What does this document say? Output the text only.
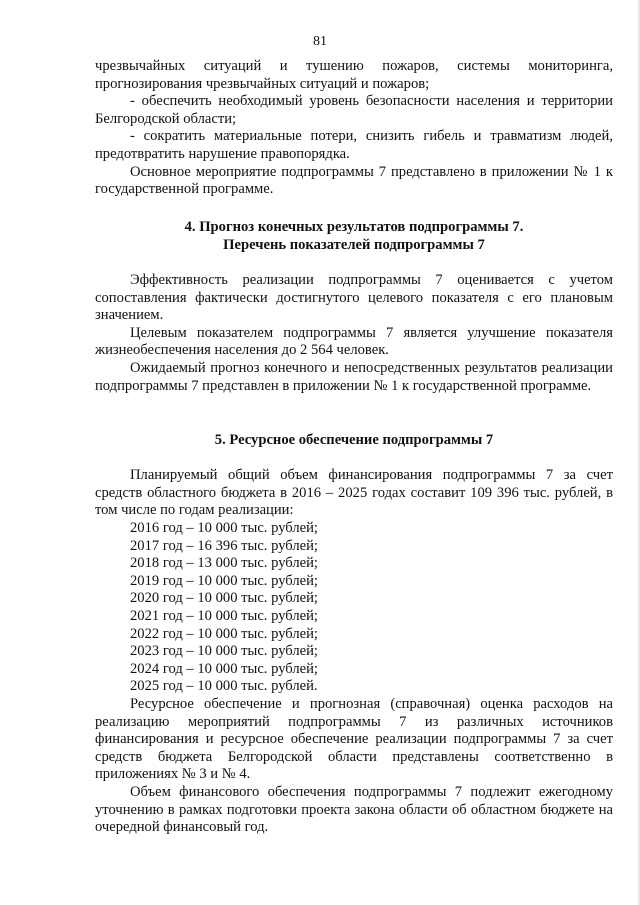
81

чрезвычайных ситуаций и тушению пожаров, системы мониторинга, прогнозирования чрезвычайных ситуаций и пожаров;

- обеспечить необходимый уровень безопасности населения и территории Белгородской области;

- сократить материальные потери, снизить гибель и травматизм людей, предотвратить нарушение правопорядка.

Основное мероприятие подпрограммы 7 представлено в приложении № 1 к государственной программе.

4. Прогноз конечных результатов подпрограммы 7.
Перечень показателей подпрограммы 7

Эффективность реализации подпрограммы 7 оценивается с учетом сопоставления фактически достигнутого целевого показателя с его плановым значением.

Целевым показателем подпрограммы 7 является улучшение показателя жизнеобеспечения населения до 2 564 человек.

Ожидаемый прогноз конечного и непосредственных результатов реализации подпрограммы 7 представлен в приложении № 1 к государственной программе.

5. Ресурсное обеспечение подпрограммы 7

Планируемый общий объем финансирования подпрограммы 7 за счет средств областного бюджета в 2016 – 2025 годах составит 109 396 тыс. рублей, в том числе по годам реализации:

2016 год – 10 000 тыс. рублей;
2017 год – 16 396 тыс. рублей;
2018 год – 13 000 тыс. рублей;
2019 год – 10 000 тыс. рублей;
2020 год – 10 000 тыс. рублей;
2021 год – 10 000 тыс. рублей;
2022 год – 10 000 тыс. рублей;
2023 год – 10 000 тыс. рублей;
2024 год – 10 000 тыс. рублей;
2025 год – 10 000 тыс. рублей.

Ресурсное обеспечение и прогнозная (справочная) оценка расходов на реализацию мероприятий подпрограммы 7 из различных источников финансирования и ресурсное обеспечение реализации подпрограммы 7 за счет средств бюджета Белгородской области представлены соответственно в приложениях № 3 и № 4.

Объем финансового обеспечения подпрограммы 7 подлежит ежегодному уточнению в рамках подготовки проекта закона области об областном бюджете на очередной финансовый год.
